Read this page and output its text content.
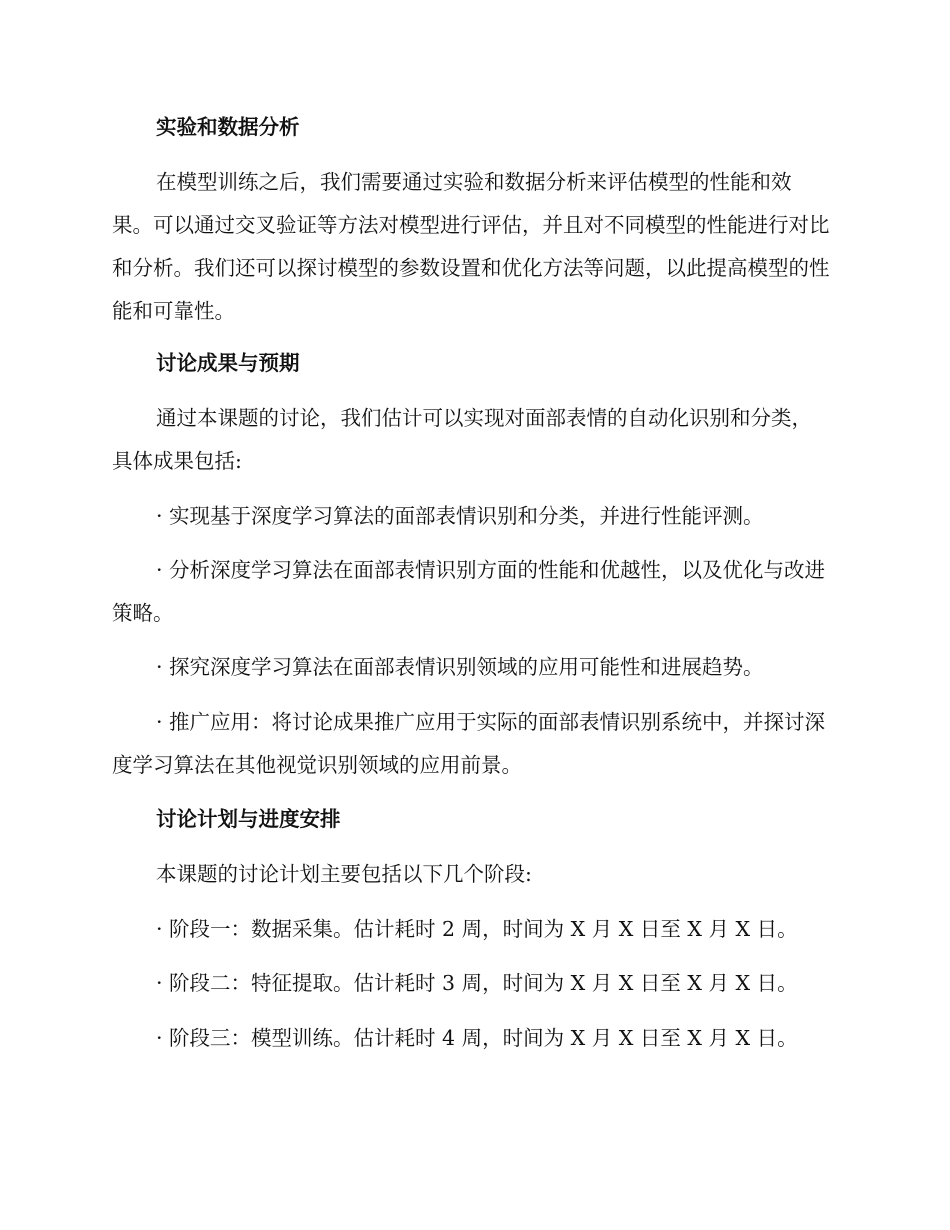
实验和数据分析

在模型训练之后，我们需要通过实验和数据分析来评估模型的性能和效果。可以通过交叉验证等方法对模型进行评估，并且对不同模型的性能进行对比和分析。我们还可以探讨模型的参数设置和优化方法等问题，以此提高模型的性能和可靠性。

讨论成果与预期

通过本课题的讨论，我们估计可以实现对面部表情的自动化识别和分类，具体成果包括:

· 实现基于深度学习算法的面部表情识别和分类，并进行性能评测。

· 分析深度学习算法在面部表情识别方面的性能和优越性，以及优化与改进策略。

· 探究深度学习算法在面部表情识别领域的应用可能性和进展趋势。

· 推广应用：将讨论成果推广应用于实际的面部表情识别系统中，并探讨深度学习算法在其他视觉识别领域的应用前景。

讨论计划与进度安排

本课题的讨论计划主要包括以下几个阶段:

· 阶段一：数据采集。估计耗时 2 周，时间为 X 月 X 日至 X 月 X 日。

· 阶段二：特征提取。估计耗时 3 周，时间为 X 月 X 日至 X 月 X 日。

· 阶段三：模型训练。估计耗时 4 周，时间为 X 月 X 日至 X 月 X 日。
